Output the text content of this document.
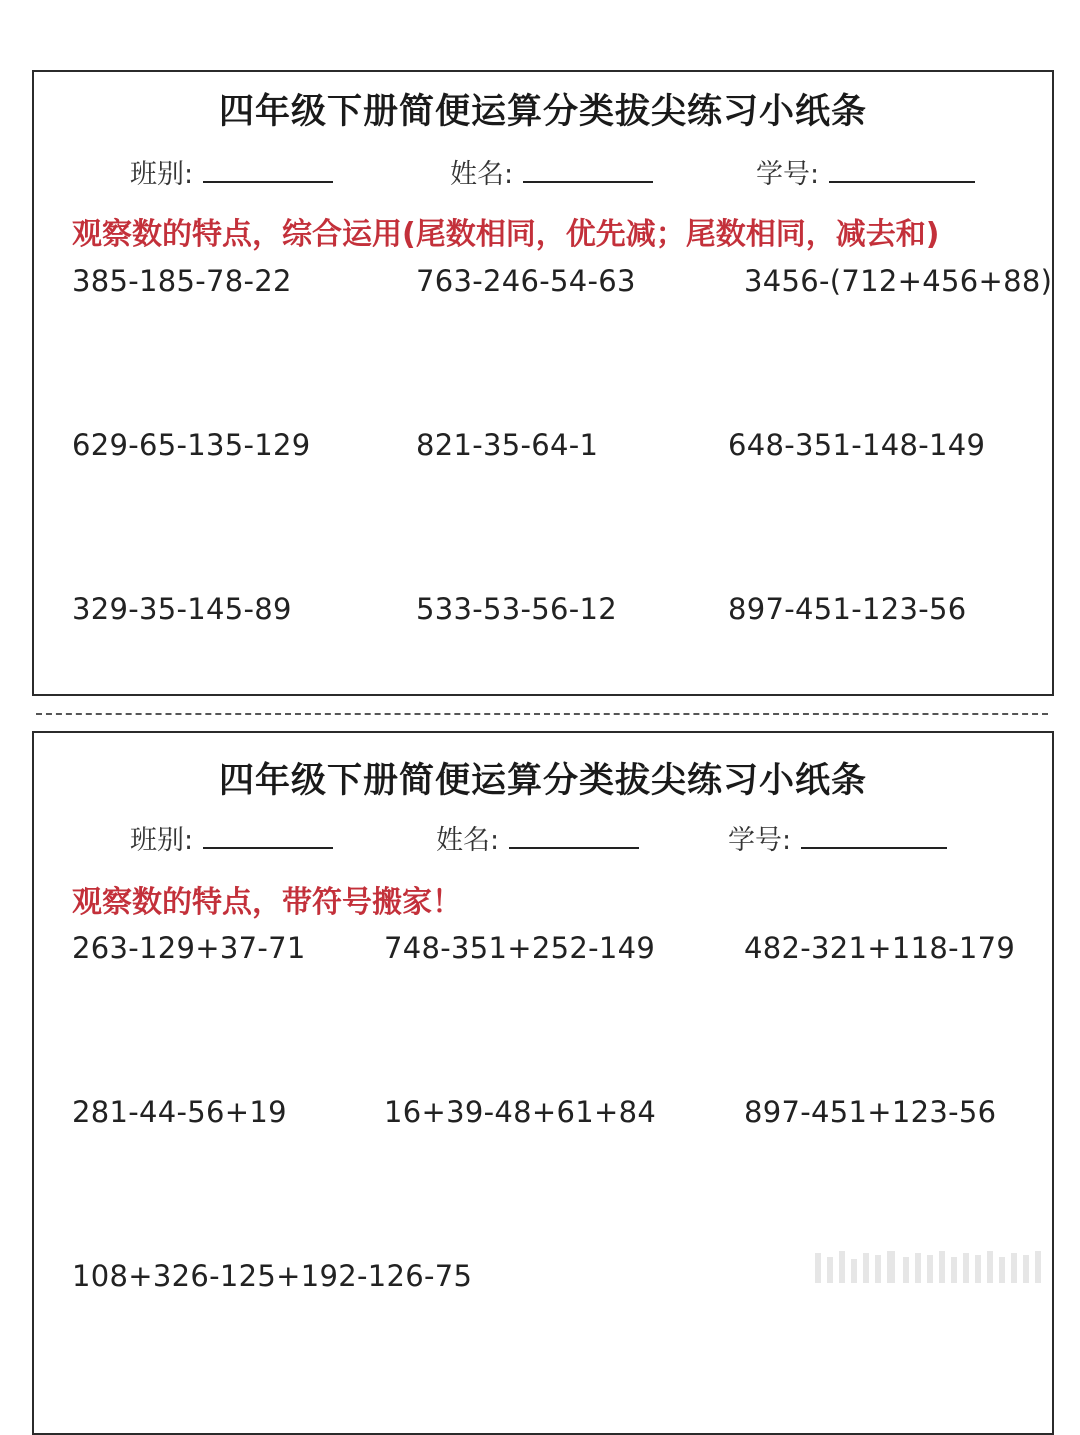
四年级下册简便运算分类拔尖练习小纸条
班别:	姓名:	学号:
观察数的特点，综合运用(尾数相同，优先减；尾数相同，减去和)
385-185-78-22	763-246-54-63	3456-(712+456+88)
629-65-135-129	821-35-64-1	648-351-148-149
329-35-145-89	533-53-56-12	897-451-123-56
四年级下册简便运算分类拔尖练习小纸条
班别:	姓名:	学号:
观察数的特点，带符号搬家！
263-129+37-71	748-351+252-149	482-321+118-179
281-44-56+19	16+39-48+61+84	897-451+123-56
108+326-125+192-126-75
